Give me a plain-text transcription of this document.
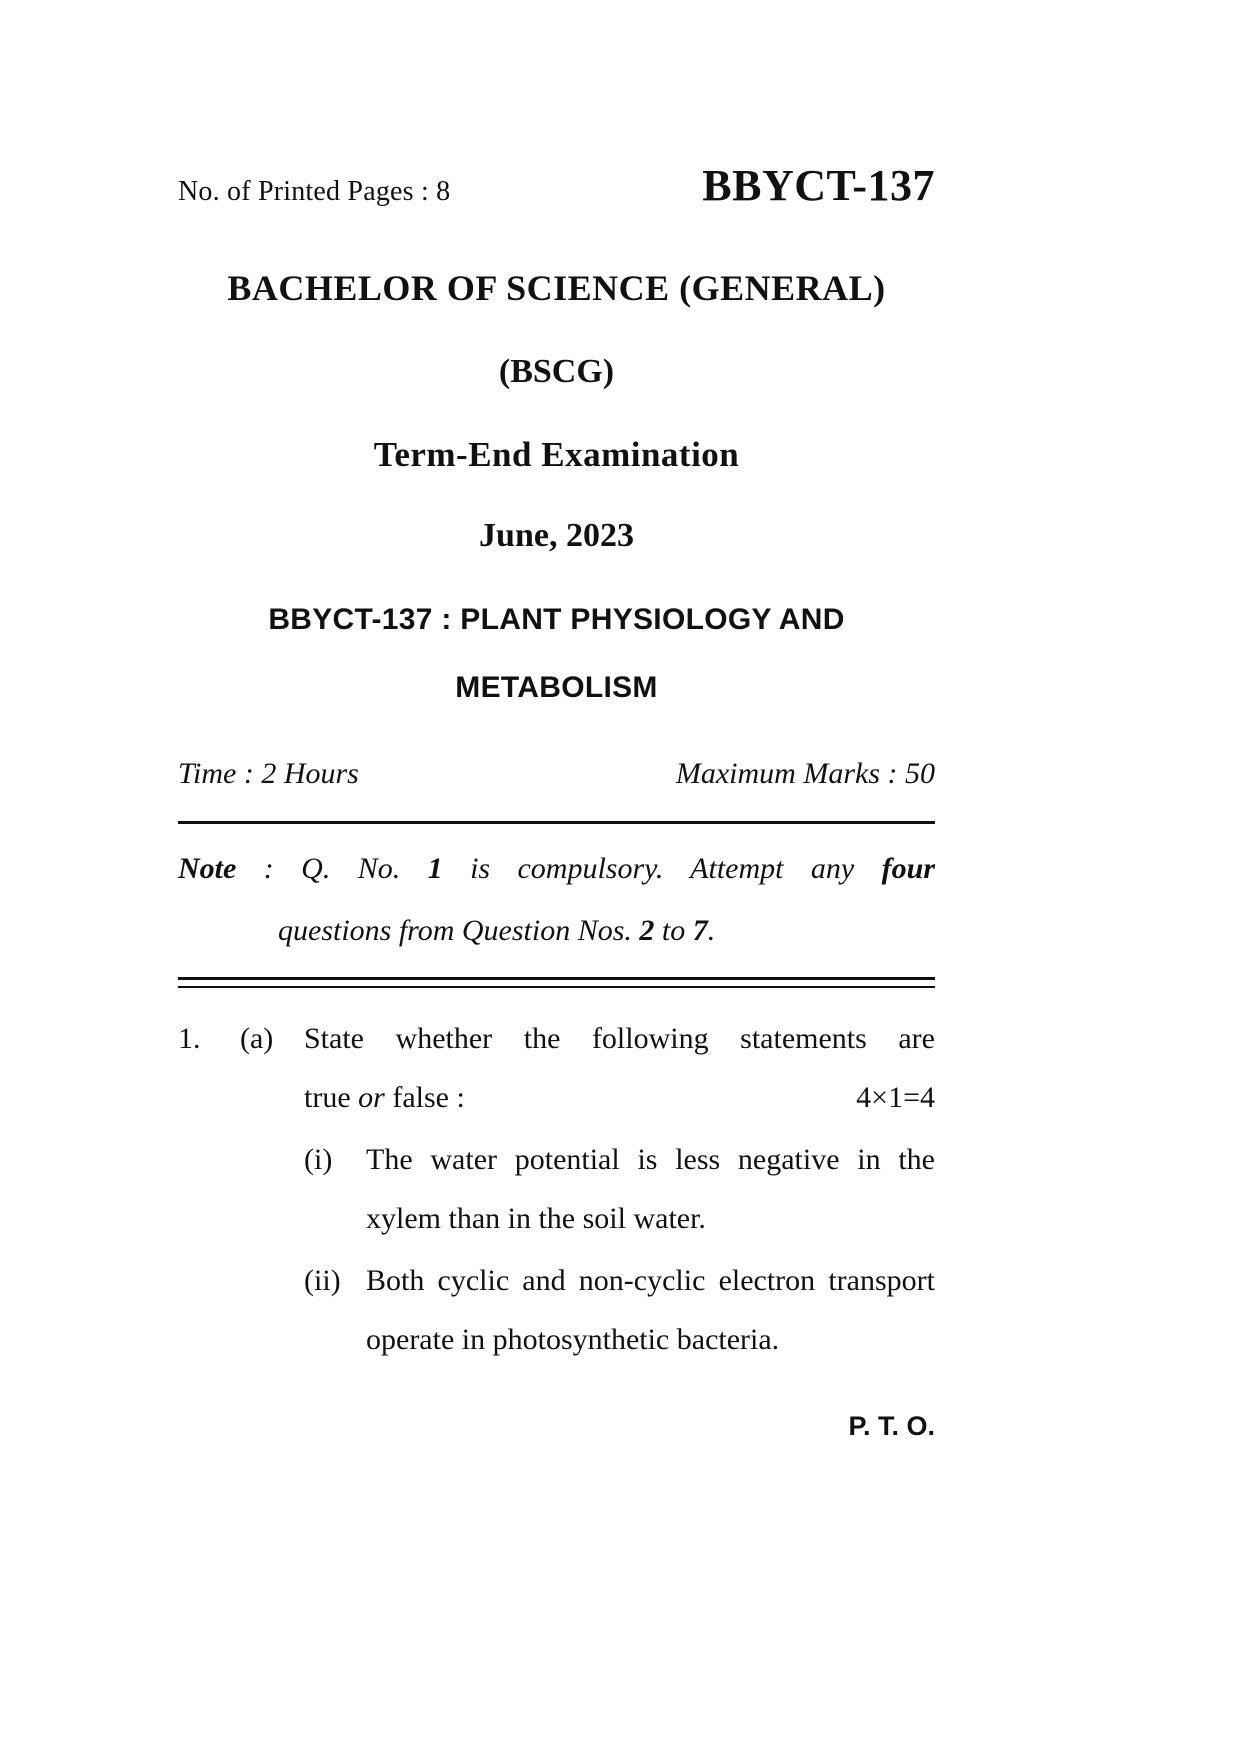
No. of Printed Pages : 8	BBYCT-137
BACHELOR OF SCIENCE (GENERAL)
(BSCG)
Term-End Examination
June, 2023
BBYCT-137 : PLANT PHYSIOLOGY AND
METABOLISM
Time : 2 Hours	Maximum Marks : 50
Note : Q. No. 1 is compulsory. Attempt any four
questions from Question Nos. 2 to 7.
1.	(a)	State whether the following statements are
true or false :	4×1=4
(i)	The water potential is less negative in the xylem than in the soil water.
(ii) Both cyclic and non-cyclic electron transport operate in photosynthetic bacteria.
P. T. O.
